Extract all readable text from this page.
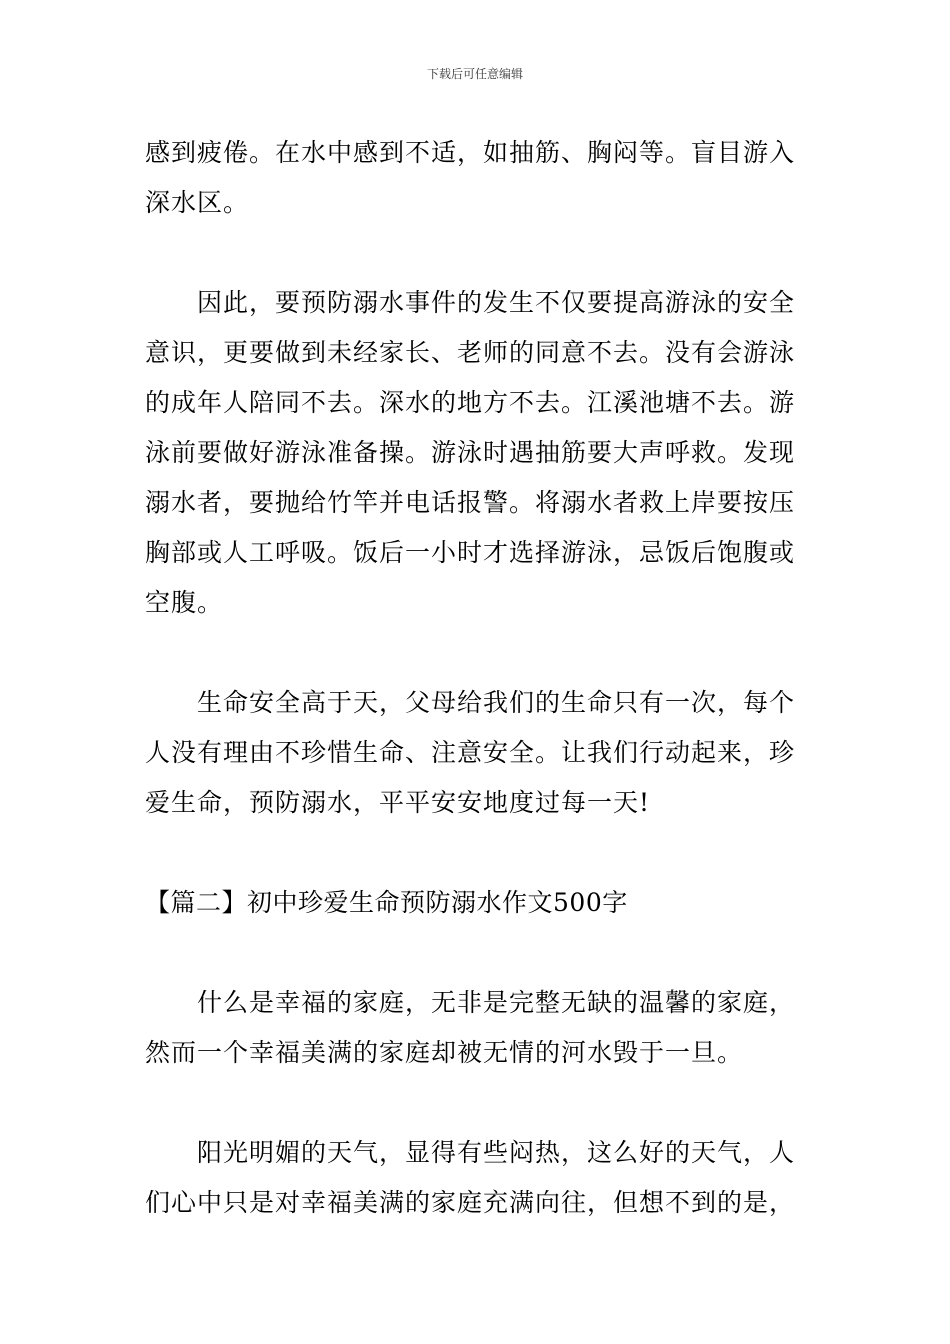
下载后可任意编辑

感到疲倦。在水中感到不适，如抽筋、胸闷等。盲目游入深水区。

因此，要预防溺水事件的发生不仅要提高游泳的安全意识，更要做到未经家长、老师的同意不去。没有会游泳的成年人陪同不去。深水的地方不去。江溪池塘不去。游泳前要做好游泳准备操。游泳时遇抽筋要大声呼救。发现溺水者，要抛给竹竿并电话报警。将溺水者救上岸要按压胸部或人工呼吸。饭后一小时才选择游泳，忌饭后饱腹或空腹。

生命安全高于天，父母给我们的生命只有一次，每个人没有理由不珍惜生命、注意安全。让我们行动起来，珍爱生命，预防溺水，平平安安地度过每一天!

【篇二】初中珍爱生命预防溺水作文500字

什么是幸福的家庭，无非是完整无缺的温馨的家庭，然而一个幸福美满的家庭却被无情的河水毁于一旦。

阳光明媚的天气，显得有些闷热，这么好的天气，人们心中只是对幸福美满的家庭充满向往，但想不到的是，
